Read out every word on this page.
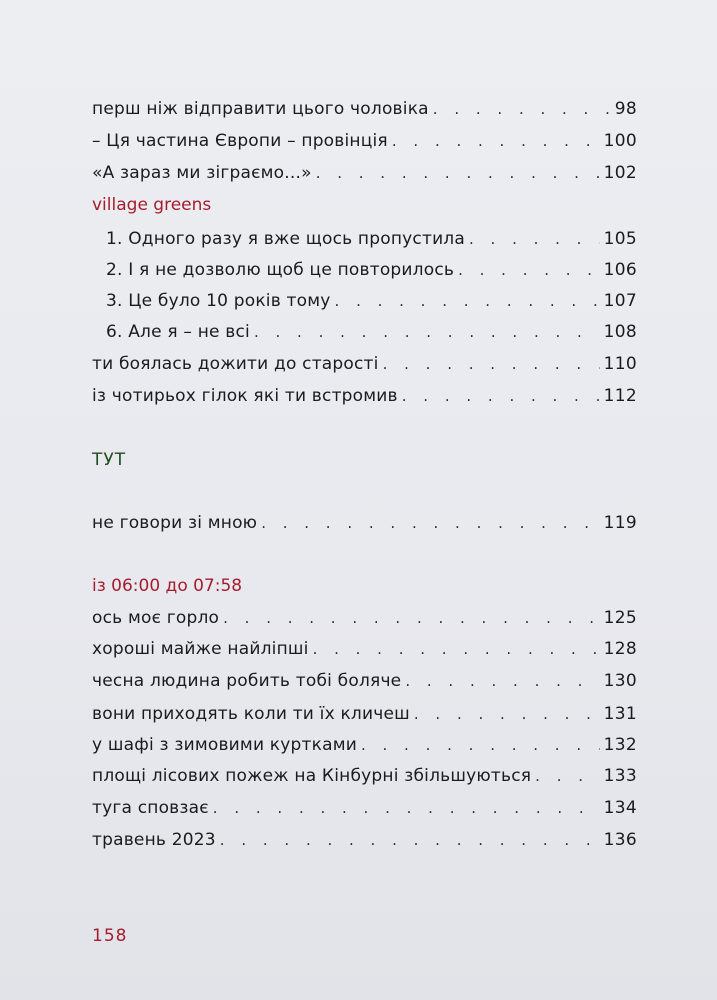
перш ніж відправити цього чоловіка . . .	98
– Ця частина Європи – провінція . . .	100
«А зараз ми зіграємо...» . . .	102
village greens
1. Одного разу я вже щось пропустила . . .	105
2. І я не дозволю щоб це повторилось . . .	106
3. Це було 10 років тому . . .	107
6. Але я – не всі . . .	108
ти боялась дожити до старості . . .	110
із чотирьох гілок які ти встромив . . .	112
ТУТ
не говори зі мною . . .	119
із 06:00 до 07:58
ось моє горло . . .	125
хороші майже найліпші . . .	128
чесна людина робить тобі боляче . . .	130
вони приходять коли ти їх кличеш . . .	131
у шафі з зимовими куртками . . .	132
площі лісових пожеж на Кінбурні збільшуються . . .	133
туга сповзає . . .	134
травень 2023 . . .	136
158
